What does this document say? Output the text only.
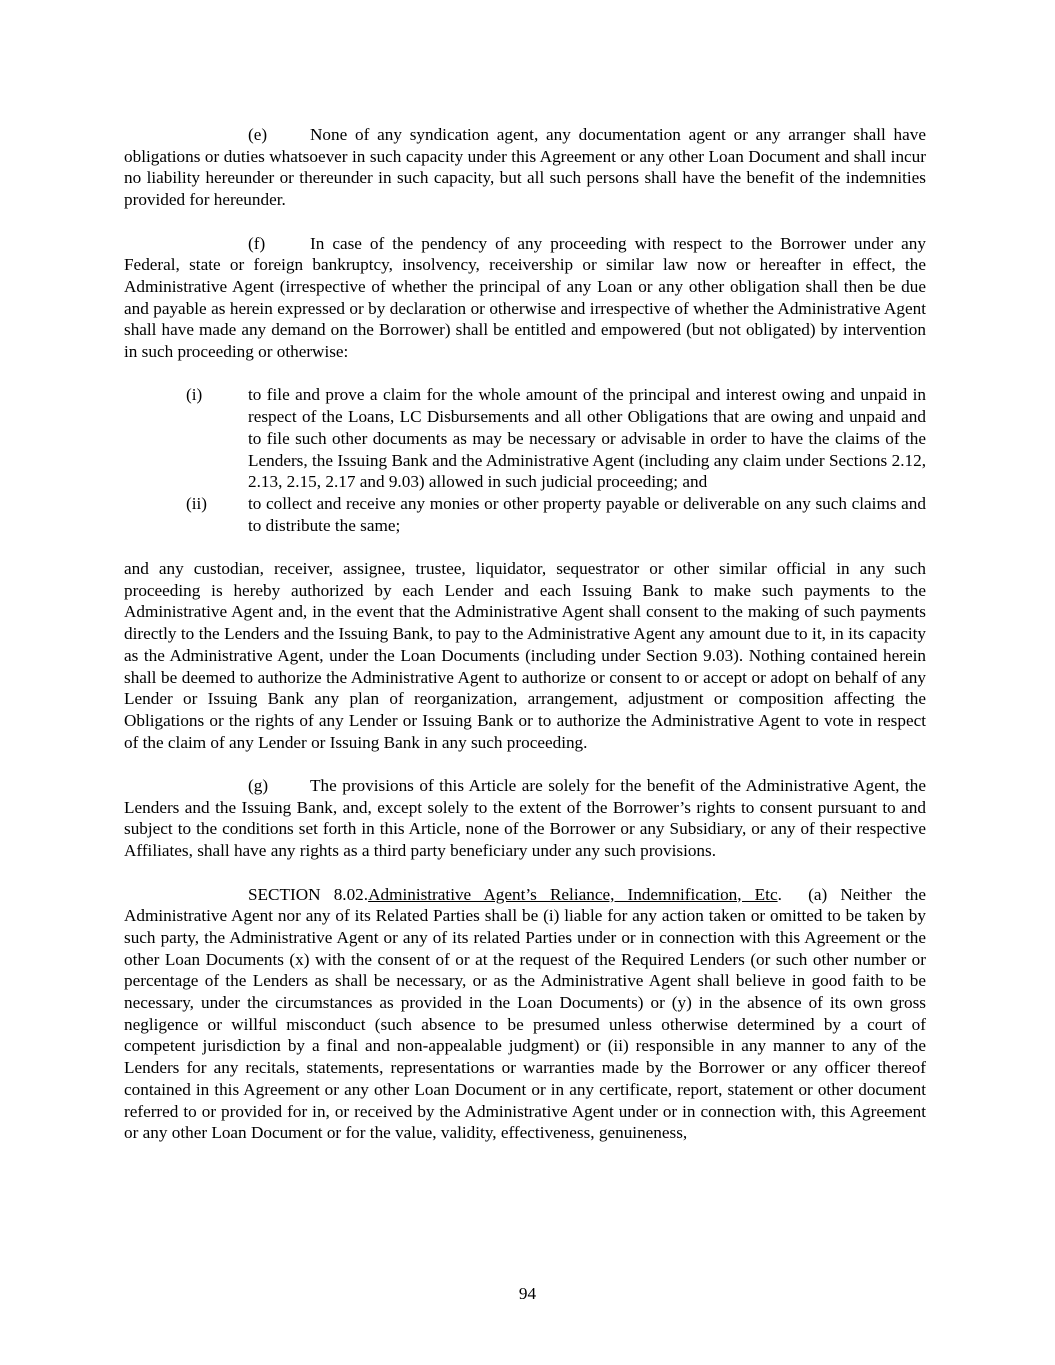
(e) None of any syndication agent, any documentation agent or any arranger shall have obligations or duties whatsoever in such capacity under this Agreement or any other Loan Document and shall incur no liability hereunder or thereunder in such capacity, but all such persons shall have the benefit of the indemnities provided for hereunder.

(f)	In case of the pendency of any proceeding with respect to the Borrower under any Federal, state or foreign bankruptcy, insolvency, receivership or similar law now or hereafter in effect, the Administrative Agent (irrespective of whether the principal of any Loan or any other obligation shall then be due and payable as herein expressed or by declaration or otherwise and irrespective of whether the Administrative Agent shall have made any demand on the Borrower) shall be entitled and empowered (but not obligated) by intervention in such proceeding or otherwise:

(i)	to file and prove a claim for the whole amount of the principal and interest owing and unpaid in respect of the Loans, LC Disbursements and all other Obligations that are owing and unpaid and to file such other documents as may be necessary or advisable in order to have the claims of the Lenders, the Issuing Bank and the Administrative Agent (including any claim under Sections 2.12, 2.13, 2.15, 2.17 and 9.03) allowed in such judicial proceeding; and
(ii)	to collect and receive any monies or other property payable or deliverable on any such claims and to distribute the same;

and any custodian, receiver, assignee, trustee, liquidator, sequestrator or other similar official in any such proceeding is hereby authorized by each Lender and each Issuing Bank to make such payments to the Administrative Agent and, in the event that the Administrative Agent shall consent to the making of such payments directly to the Lenders and the Issuing Bank, to pay to the Administrative Agent any amount due to it, in its capacity as the Administrative Agent, under the Loan Documents (including under Section 9.03). Nothing contained herein shall be deemed to authorize the Administrative Agent to authorize or consent to or accept or adopt on behalf of any Lender or Issuing Bank any plan of reorganization, arrangement, adjustment or composition affecting the Obligations or the rights of any Lender or Issuing Bank or to authorize the Administrative Agent to vote in respect of the claim of any Lender or Issuing Bank in any such proceeding.

(g) The provisions of this Article are solely for the benefit of the Administrative Agent, the Lenders and the Issuing Bank, and, except solely to the extent of the Borrower’s rights to consent pursuant to and subject to the conditions set forth in this Article, none of the Borrower or any Subsidiary, or any of their respective Affiliates, shall have any rights as a third party beneficiary under any such provisions.

SECTION 8.02.Administrative Agent’s Reliance, Indemnification, Etc. (a) Neither the Administrative Agent nor any of its Related Parties shall be (i) liable for any action taken or omitted to be taken by such party, the Administrative Agent or any of its related Parties under or in connection with this Agreement or the other Loan Documents (x) with the consent of or at the request of the Required Lenders (or such other number or percentage of the Lenders as shall be necessary, or as the Administrative Agent shall believe in good faith to be necessary, under the circumstances as provided in the Loan Documents) or (y) in the absence of its own gross negligence or willful misconduct (such absence to be presumed unless otherwise determined by a court of competent jurisdiction by a final and non-appealable judgment) or (ii) responsible in any manner to any of the Lenders for any recitals, statements, representations or warranties made by the Borrower or any officer thereof contained in this Agreement or any other Loan Document or in any certificate, report, statement or other document referred to or provided for in, or received by the Administrative Agent under or in connection with, this Agreement or any other Loan Document or for the value, validity, effectiveness, genuineness,

94
